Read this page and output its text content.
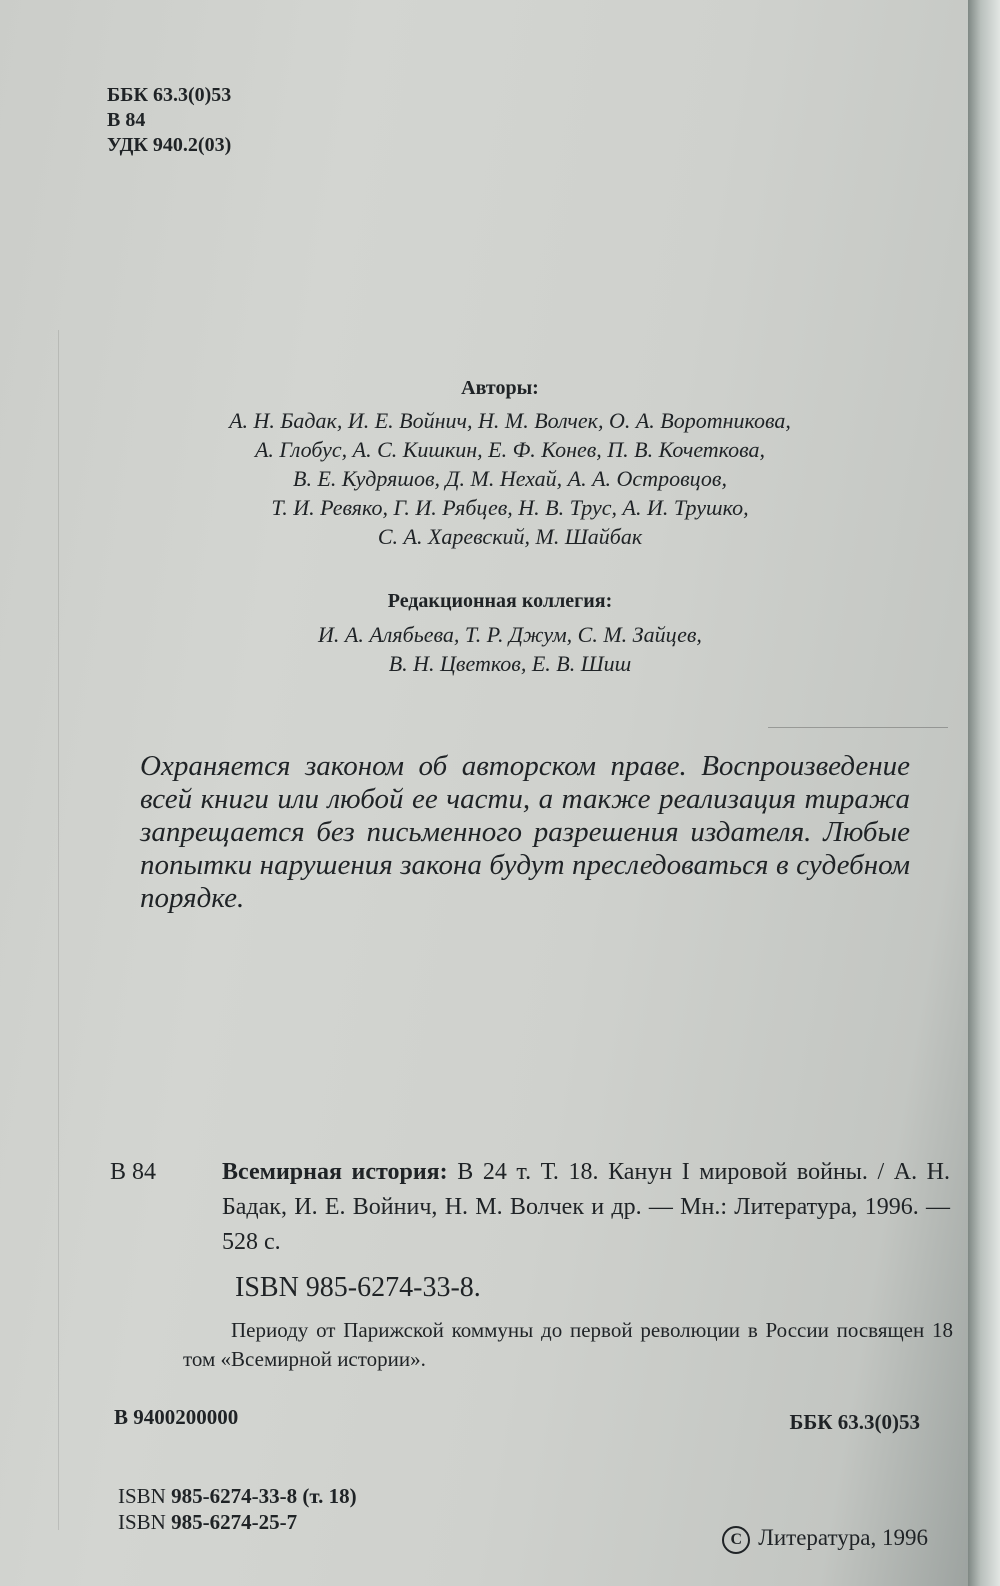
ББК 63.3(0)53
В 84
УДК 940.2(03)
Авторы:
А. Н. Бадак, И. Е. Войнич, Н. М. Волчек, О. А. Воротникова,
А. Глобус, А. С. Кишкин, Е. Ф. Конев, П. В. Кочеткова,
В. Е. Кудряшов, Д. М. Нехай, А. А. Островцов,
Т. И. Ревяко, Г. И. Рябцев, Н. В. Трус, А. И. Трушко,
С. А. Харевский, М. Шайбак
Редакционная коллегия:
И. А. Алябьева, Т. Р. Джум, С. М. Зайцев,
В. Н. Цветков, Е. В. Шиш
Охраняется законом об авторском праве. Воспроизведение всей книги или любой ее части, а также реализация тиража запрещается без письменного разрешения издателя. Любые попытки нарушения закона будут преследоваться в судебном порядке.
В 84	Всемирная история: В 24 т. Т. 18. Канун I мировой войны. / А. Н. Бадак, И. Е. Войнич, Н. М. Волчек и др. — Мн.: Литература, 1996. — 528 с.
ISBN 985-6274-33-8.
Периоду от Парижской коммуны до первой революции в России посвящен 18 том «Всемирной истории».
В 9400200000	ББК 63.3(0)53
ISBN 985-6274-33-8 (т. 18)
ISBN 985-6274-25-7
C Литература, 1996
